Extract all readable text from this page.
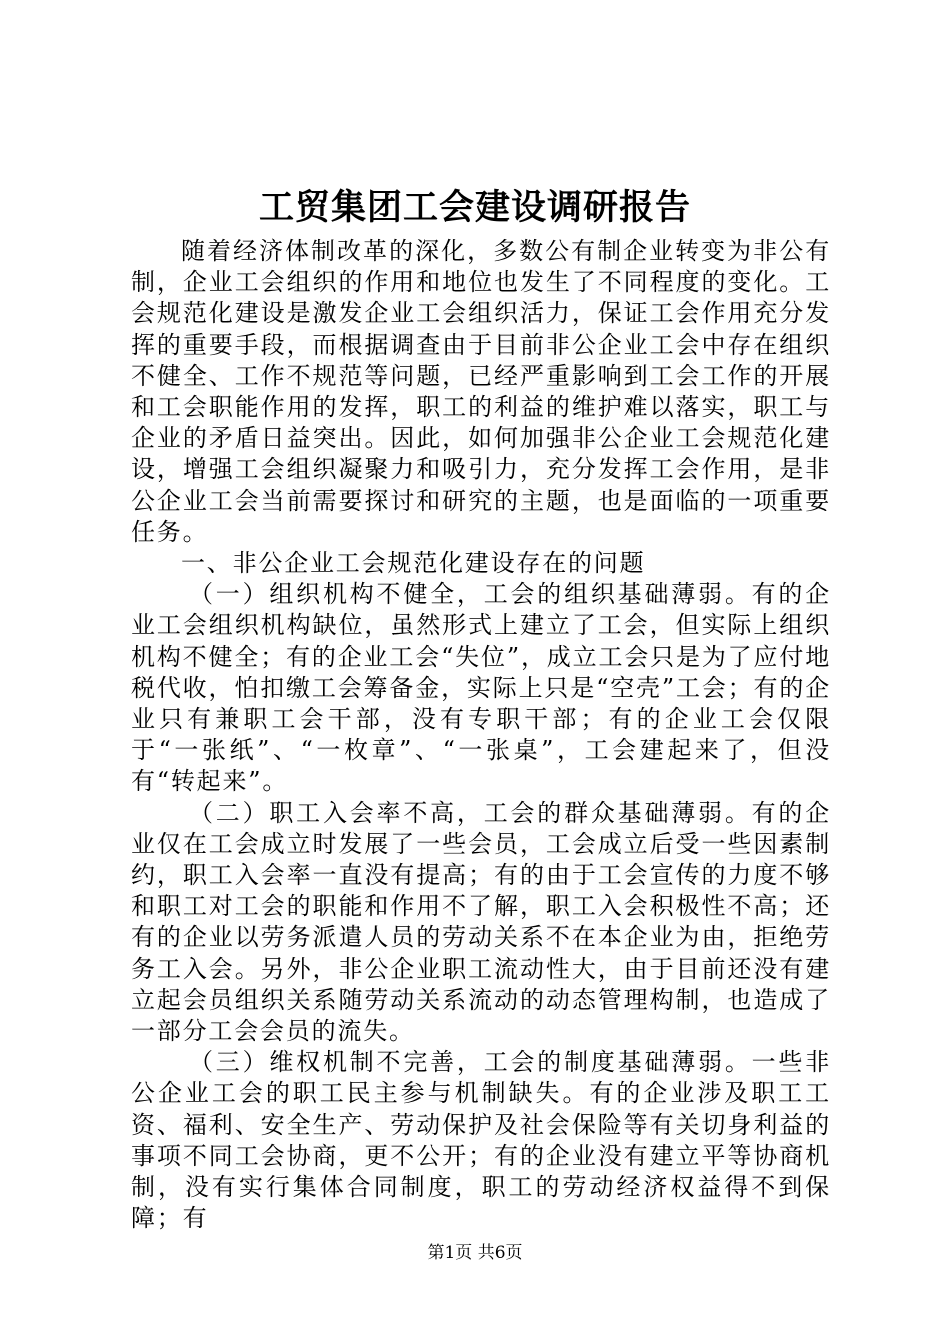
工贸集团工会建设调研报告

随着经济体制改革的深化，多数公有制企业转变为非公有制，企业工会组织的作用和地位也发生了不同程度的变化。工会规范化建设是激发企业工会组织活力，保证工会作用充分发挥的重要手段，而根据调查由于目前非公企业工会中存在组织不健全、工作不规范等问题，已经严重影响到工会工作的开展和工会职能作用的发挥，职工的利益的维护难以落实，职工与企业的矛盾日益突出。因此，如何加强非公企业工会规范化建设，增强工会组织凝聚力和吸引力，充分发挥工会作用，是非公企业工会当前需要探讨和研究的主题，也是面临的一项重要任务。

一、非公企业工会规范化建设存在的问题

（一）组织机构不健全，工会的组织基础薄弱。有的企业工会组织机构缺位，虽然形式上建立了工会，但实际上组织机构不健全；有的企业工会“失位”，成立工会只是为了应付地税代收，怕扣缴工会筹备金，实际上只是“空壳”工会；有的企业只有兼职工会干部，没有专职干部；有的企业工会仅限于“一张纸”、“一枚章”、“一张桌”，工会建起来了，但没有“转起来”。

（二）职工入会率不高，工会的群众基础薄弱。有的企业仅在工会成立时发展了一些会员，工会成立后受一些因素制约，职工入会率一直没有提高；有的由于工会宣传的力度不够和职工对工会的职能和作用不了解，职工入会积极性不高；还有的企业以劳务派遣人员的劳动关系不在本企业为由，拒绝劳务工入会。另外，非公企业职工流动性大，由于目前还没有建立起会员组织关系随劳动关系流动的动态管理构制，也造成了一部分工会会员的流失。

（三）维权机制不完善，工会的制度基础薄弱。一些非公企业工会的职工民主参与机制缺失。有的企业涉及职工工资、福利、安全生产、劳动保护及社会保险等有关切身利益的事项不同工会协商，更不公开；有的企业没有建立平等协商机制，没有实行集体合同制度，职工的劳动经济权益得不到保障；有

第1页 共6页
